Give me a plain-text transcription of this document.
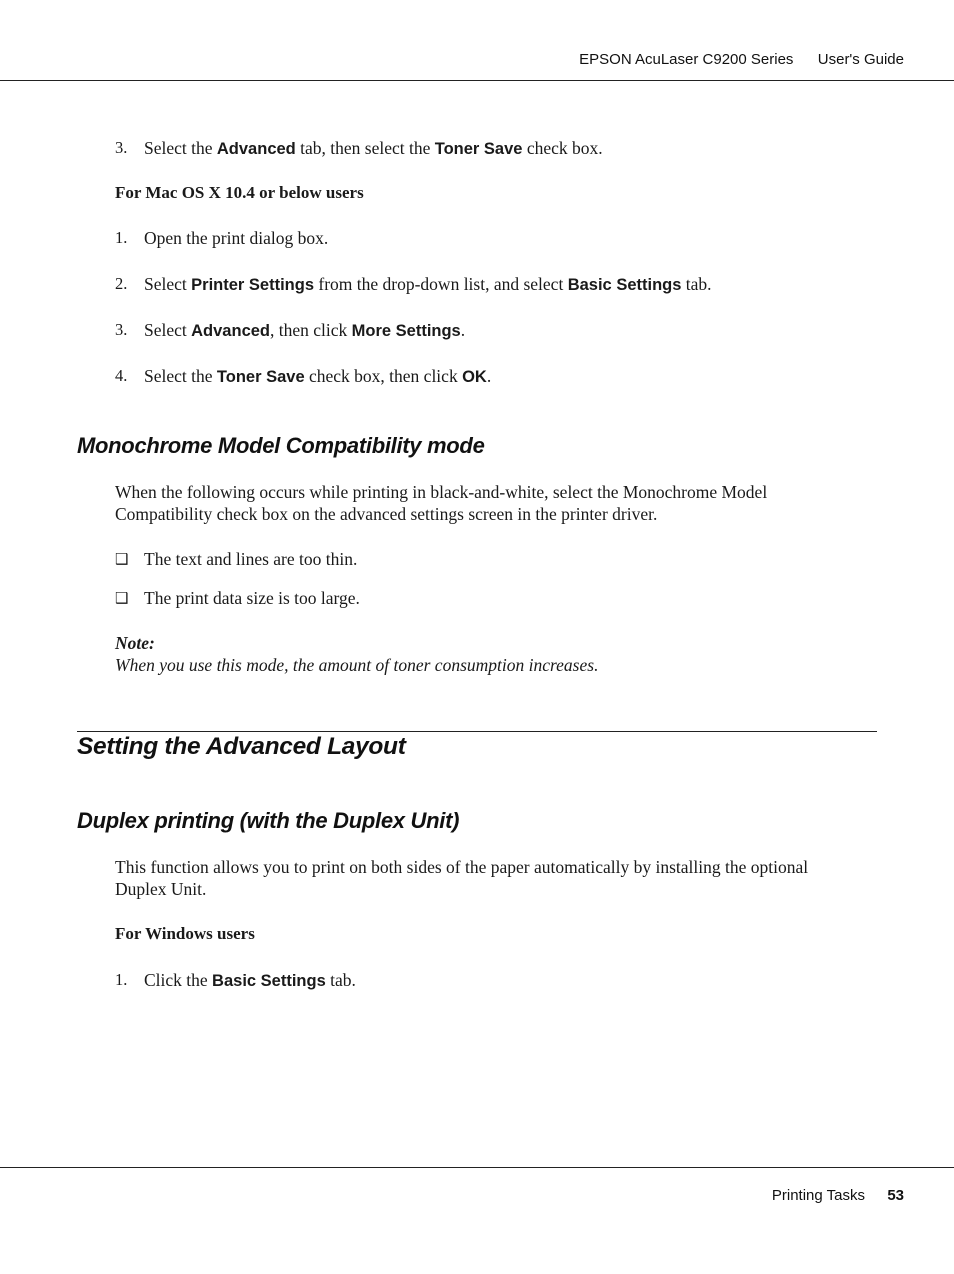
EPSON AcuLaser C9200 Series User's Guide
3. Select the Advanced tab, then select the Toner Save check box.
For Mac OS X 10.4 or below users
1. Open the print dialog box.
2. Select Printer Settings from the drop-down list, and select Basic Settings tab.
3. Select Advanced, then click More Settings.
4. Select the Toner Save check box, then click OK.
Monochrome Model Compatibility mode
When the following occurs while printing in black-and-white, select the Monochrome Model
Compatibility check box on the advanced settings screen in the printer driver.
❑ The text and lines are too thin.
❑ The print data size is too large.
Note:
When you use this mode, the amount of toner consumption increases.
Setting the Advanced Layout
Duplex printing (with the Duplex Unit)
This function allows you to print on both sides of the paper automatically by installing the optional
Duplex Unit.
For Windows users
1. Click the Basic Settings tab.
Printing Tasks 53
